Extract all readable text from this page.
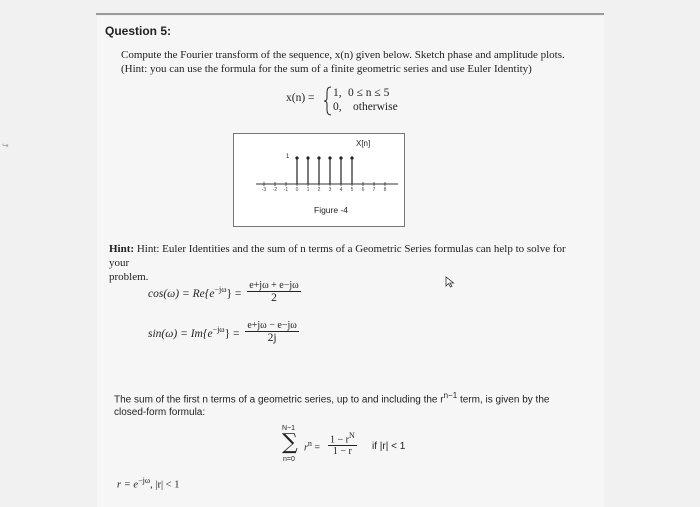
Question 5:
Compute the Fourier transform of the sequence, x(n) given below. Sketch phase and amplitude plots.
(Hint: you can use the formula for the sum of a finite geometric series and use Euler Identity)
x(n) = 1, 0 ≤ n ≤ 5
0, otherwise
X[n]
1
-3	-2	-1	0	1	2	3	4	5	6	7	8
Figure -4
Hint: Hint: Euler Identities and the sum of n terms of a Geometric Series formulas can help to solve for your
problem.
$\cos(\omega) = Re\{e^{-j\omega}\} = \frac{e+j\omega + e-j\omega}{2}$
$\sin(\omega) = Im\{e^{-j\omega}\} = \frac{e+j\omega - e-j\omega}{2j}$
The sum of the first n terms of a geometric series, up to and including the $r^{n-1}$ term, is given by the
closed-form formula:
N−1
∑
n=0
$r^n = \frac{1 - r^N}{1 - r}$ if |r| < 1
$r = e^{-j\omega}$, |r| < 1
↪
